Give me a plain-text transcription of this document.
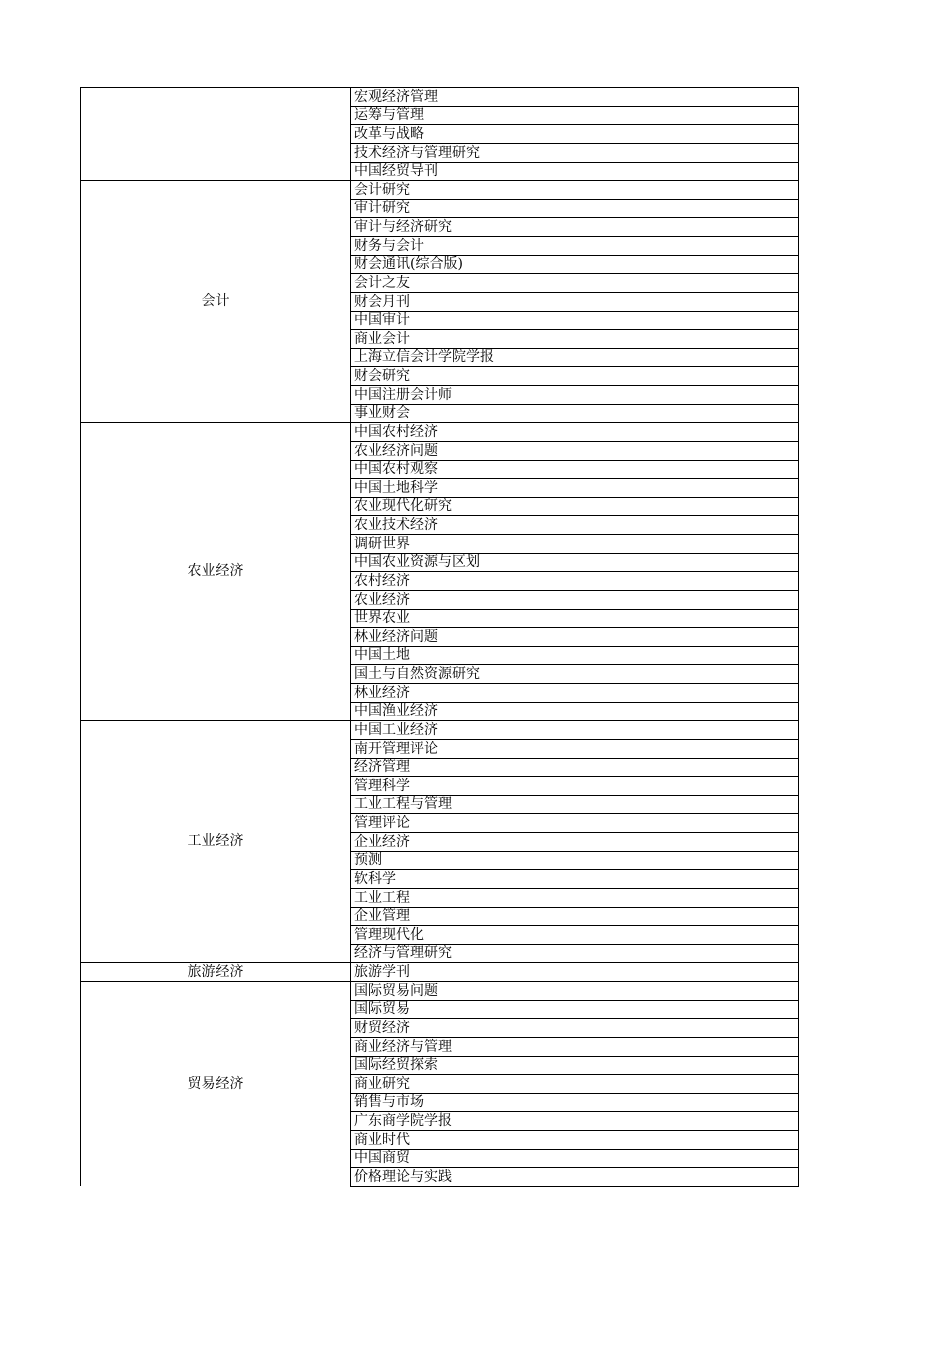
	宏观经济管理
	运筹与管理
	改革与战略
	技术经济与管理研究
	中国经贸导刊
会计	会计研究
	审计研究
	审计与经济研究
	财务与会计
	财会通讯(综合版)
	会计之友
	财会月刊
	中国审计
	商业会计
	上海立信会计学院学报
	财会研究
	中国注册会计师
	事业财会
农业经济	中国农村经济
	农业经济问题
	中国农村观察
	中国土地科学
	农业现代化研究
	农业技术经济
	调研世界
	中国农业资源与区划
	农村经济
	农业经济
	世界农业
	林业经济问题
	中国土地
	国土与自然资源研究
	林业经济
	中国渔业经济
工业经济	中国工业经济
	南开管理评论
	经济管理
	管理科学
	工业工程与管理
	管理评论
	企业经济
	预测
	软科学
	工业工程
	企业管理
	管理现代化
	经济与管理研究
旅游经济	旅游学刊
贸易经济	国际贸易问题
	国际贸易
	财贸经济
	商业经济与管理
	国际经贸探索
	商业研究
	销售与市场
	广东商学院学报
	商业时代
	中国商贸
	价格理论与实践
